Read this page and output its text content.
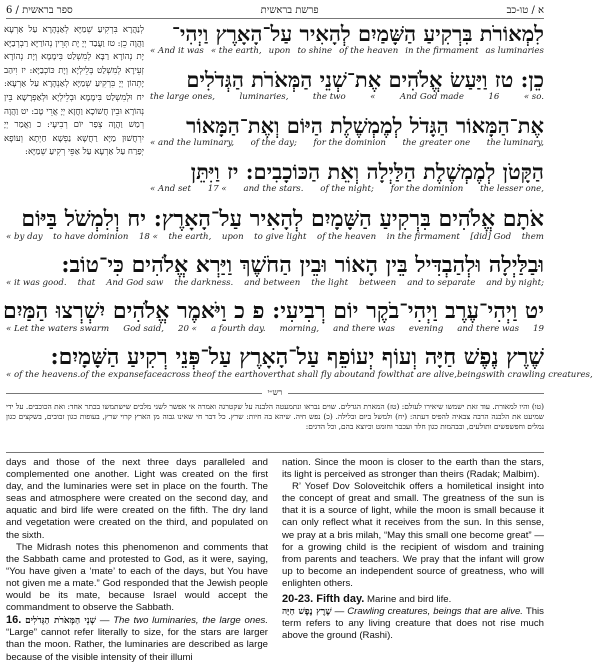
6 / ספר בראשית	פרשת בראשית	א / טו-כב
לְנַהֲרָא בִּרְקִיעַ שְׁמַיָּא לְאַנְהָרָא עַל אַרְעָא וַהֲוָה כֵן: טז וַעֲבַד יְיָ יָת תְּרֵין נְהוֹרַיָּא רַבְרְבַיָּא יָת נְהוֹרָא רַבָּא לְמִשְׁלַט בִּימָמָא וְיָת נְהוֹרָא זְעֵירָא לְמִשְׁלַט בְּלֵילְיָא וְיָת כּוֹכְבַיָּא: יז וִיהַב יָתְהוֹן יְיָ בִּרְקִיעַ שְׁמַיָּא לְאַנְהָרָא עַל אַרְעָא: יח וּלְמִשְׁלַט בִּימָמָא וּבְלֵילְיָא וּלְאַפְרָשָׁא בֵּין נְהוֹרָא וּבֵין חֲשׁוֹכָא וַחֲזָא יְיָ אֲרֵי טָב: יט וַהֲוָה רְמַשׁ וַהֲוָה צְפַר יוֹם רְבִיעָי: כ וַאֲמַר יְיָ יִרְחֲשׁוּן מַיָּא רַחֲשָׁא נַפְשָׁא חַיְתָא וְעוֹפָא יְפַרַח עַל אַרְעָא עַל אַפֵּי רְקִיעַ שְׁמַיָּא:
לִמְאוֹרֹת בִּרְקִיעַ הַשָּׁמַיִם לְהָאִיר עַל־הָאָרֶץ וַיְהִי־
« And it was « the earth, upon to shine of the heaven in the firmament as luminaries
כֵן: טז וַיַּעַשׂ אֱלֹהִים אֶת־שְׁנֵי הַמְּאֹרֹת הַגְּדֹלִים
the large ones,	luminaries,	the two	«	And God made	16	« so.
אֶת־הַמָּאוֹר הַגָּדֹל לְמֶמְשֶׁלֶת הַיּוֹם וְאֶת־הַמָּאוֹר
« and the luminary, of the day; for the dominion the greater one the luminary,
הַקָּטֹן לְמֶמְשֶׁלֶת הַלַּיְלָה וְאֵת הַכּוֹכָבִים: יז וַיִּתֵּן
« And set 17 « and the stars. of the night; for the dominion the lesser one,
אֹתָם אֱלֹהִים בִּרְקִיעַ הַשָּׁמָיִם לְהָאִיר עַל־הָאָרֶץ: יח וְלִמְשֹׁל בַּיּוֹם
« by day to have dominion 18 « the earth, upon to give light of the heaven in the firmament [did] God them
וּבַלַּיְלָה וּלְהַבְדִּיל בֵּין הָאוֹר וּבֵין הַחֹשֶׁךְ וַיַּרְא אֱלֹהִים כִּי־טוֹב:
« it was good. that And God saw the darkness. and between the light between and to separate and by night;
יט וַיְהִי־עֶרֶב וַיְהִי־בֹקֶר יוֹם רְבִיעִי: פ כ וַיֹּאמֶר אֱלֹהִים יִשְׁרְצוּ הַמַּיִם
« Let the waters swarm God said, 20 « a fourth day. morning, and there was evening and there was 19
שֶׁרֶץ נֶפֶשׁ חַיָּה וְעוֹף יְעוֹפֵף עַל־הָאָרֶץ עַל־פְּנֵי רְקִיעַ הַשָּׁמָיִם:
« of the heavens. of the expanse face across the of the earth over that shall fly about and fowl that are alive, beings with crawling creatures,
רש״י
(טו) והיו למאורת. עוד זאת ישמשו שיאירו לעולם: (טז) המארת הגדלים. שוים נבראו ונתמעטה הלבנה על שקטרגה ואמרה אי אפשר לשני מלכים שישתמשו בכתר אחד: ואת הכוכבים. על ידי שמיעט את הלבנה הרבה צבאיה להפיס דעתה: (יח) ולמשל ביום ובלילה. (כ) נפש חיה. שיהא בה חיות: שרץ. כל דבר חי שאינו גבוה מן הארץ קרוי שרץ, בעופות כגון זבובים, בשקצים כגון נמלים וחפשפשים ותולעים, ובבהמות כגון חלד ועכבר וחומט וכיוצא בהם, וכל הדגים:

days and those of the next three days paralleled and complemented one another. Light was created on the first day, and the luminaries were set in place on the fourth. The seas and atmosphere were created on the second day, and aquatic and bird life were created on the fifth. The dry land and vegetation were created on the third, and populated on the sixth.

The Midrash notes this phenomenon and comments that the Sabbath came and protested to God, as it were, saying, “You have given a ‘mate’ to each of the days, but You have not given me a mate.” God responded that the Jewish people would be its mate, because Israel would accept the commandment to observe the Sabbath.

16. שְׁנֵי הַמְּאֹרֹת הַגְּדֹלִים — The two luminaries, the large ones. “Large” cannot refer literally to size, for the stars are larger than the moon. Rather, the luminaries are described as large because of the visible intensity of their illumi

nation. Since the moon is closer to the earth than the stars, its light is perceived as stronger than theirs (Radak; Malbim).

R’ Yosef Dov Soloveitchik offers a homiletical insight into the concept of great and small. The greatness of the sun is that it is a source of light, while the moon is small because it can only reflect what it receives from the sun. In this sense, we pray at a bris milah, “May this small one become great” — for a growing child is the recipient of wisdom and training from parents and teachers. We pray that the infant will grow up to become an independent source of greatness, who will enlighten others.

20-23. Fifth day. Marine and bird life.

שֶׁרֶץ נֶפֶשׁ חַיָּה — Crawling creatures, beings that are alive. This term refers to any living creature that does not rise much above the ground (Rashi).
